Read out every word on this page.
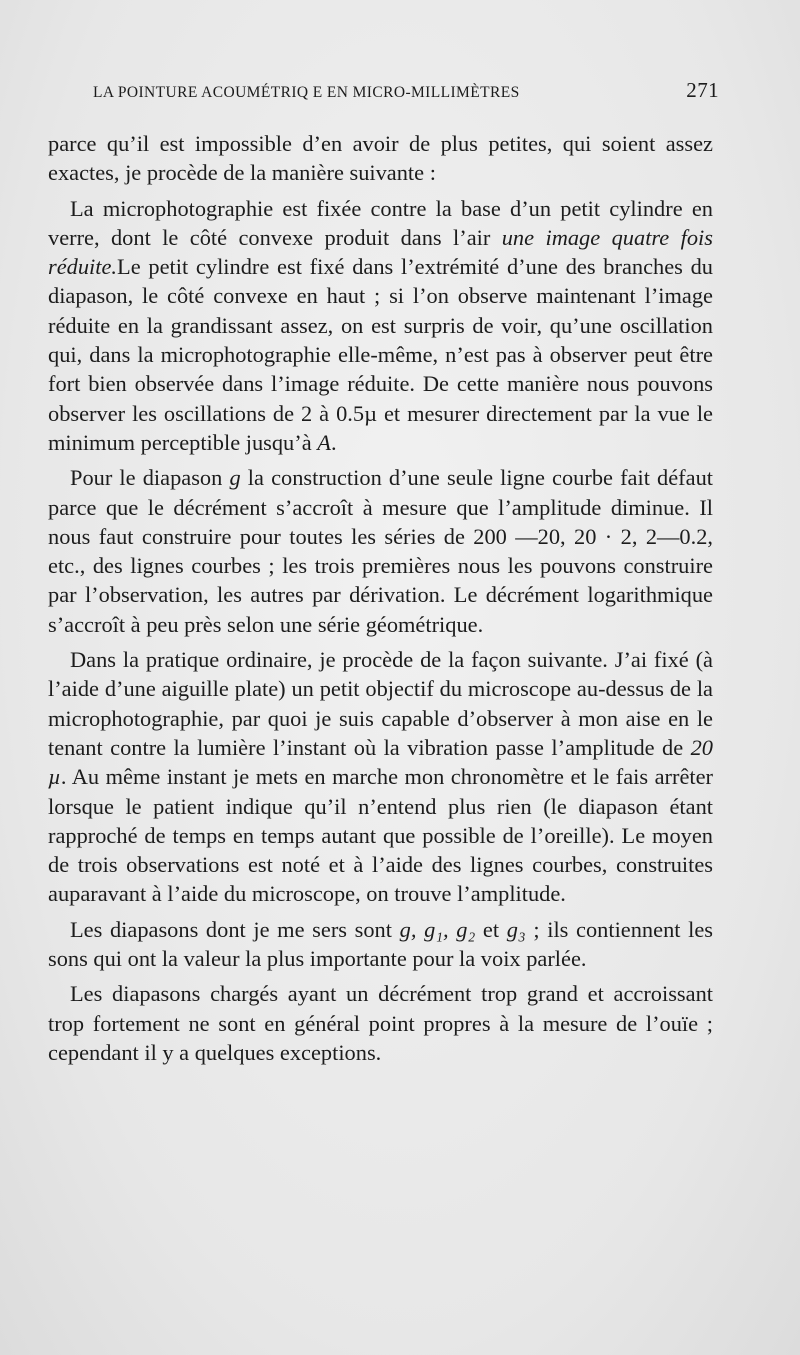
LA POINTURE ACOUMÉTRIQ E EN MICRO-MILLIMÈTRES	271

parce qu’il est impossible d’en avoir de plus petites, qui soient assez exactes, je procède de la manière suivante :

La microphotographie est fixée contre la base d’un petit cylindre en verre, dont le côté convexe produit dans l’air une image quatre fois réduite.Le petit cylindre est fixé dans l’extrémité d’une des branches du diapason, le côté convexe en haut ; si l’on observe maintenant l’image réduite en la grandissant assez, on est surpris de voir, qu’une oscillation qui, dans la microphotographie elle-même, n’est pas à observer peut être fort bien observée dans l’image réduite. De cette manière nous pouvons observer les oscillations de 2 à 0.5µ et mesurer directement par la vue le minimum perceptible jusqu’à A.

Pour le diapason g la construction d’une seule ligne courbe fait défaut parce que le décrément s’accroît à mesure que l’amplitude diminue. Il nous faut construire pour toutes les séries de 200 —20, 20 · 2, 2—0.2, etc., des lignes courbes ; les trois premières nous les pouvons construire par l’observation, les autres par dérivation. Le décrément logarithmique s’accroît à peu près selon une série géométrique.

Dans la pratique ordinaire, je procède de la façon suivante. J’ai fixé (à l’aide d’une aiguille plate) un petit objectif du microscope au-dessus de la microphotographie, par quoi je suis capable d’observer à mon aise en le tenant contre la lumière l’instant où la vibration passe l’amplitude de 20 µ. Au même instant je mets en marche mon chronomètre et le fais arrêter lorsque le patient indique qu’il n’entend plus rien (le diapason étant rapproché de temps en temps autant que possible de l’oreille). Le moyen de trois observations est noté et à l’aide des lignes courbes, construites auparavant à l’aide du microscope, on trouve l’amplitude.

Les diapasons dont je me sers sont g, g₁, g₂ et g₃ ; ils contiennent les sons qui ont la valeur la plus importante pour la voix parlée.

Les diapasons chargés ayant un décrément trop grand et accroissant trop fortement ne sont en général point propres à la mesure de l’ouïe ; cependant il y a quelques exceptions.
